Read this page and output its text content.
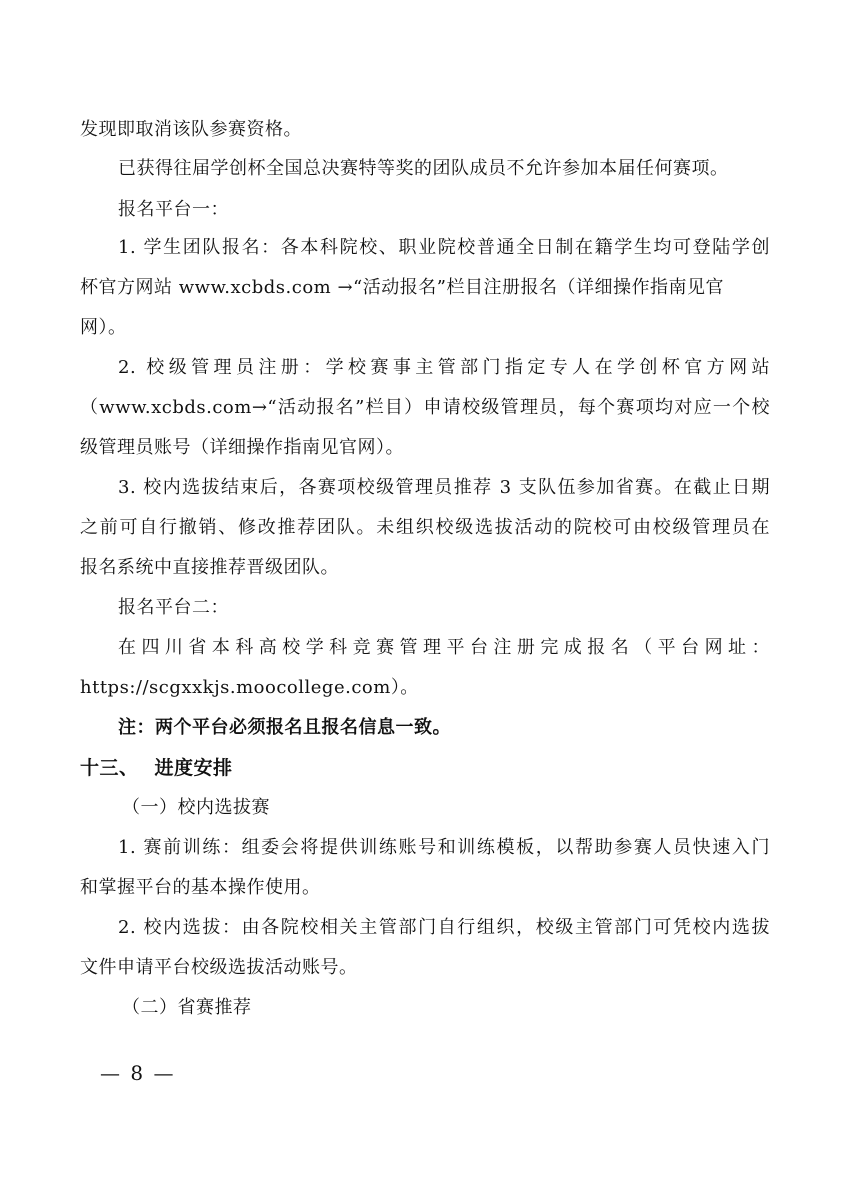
发现即取消该队参赛资格。
已获得往届学创杯全国总决赛特等奖的团队成员不允许参加本届任何赛项。
报名平台一：
1. 学生团队报名：各本科院校、职业院校普通全日制在籍学生均可登陆学创
杯官方网站 www.xcbds.com →“活动报名”栏目注册报名（详细操作指南见官
网）。
2. 校级管理员注册：学校赛事主管部门指定专人在学创杯官方网站
（www.xcbds.com→“活动报名”栏目）申请校级管理员，每个赛项均对应一个校
级管理员账号（详细操作指南见官网）。
3. 校内选拔结束后，各赛项校级管理员推荐 3 支队伍参加省赛。在截止日期
之前可自行撤销、修改推荐团队。未组织校级选拔活动的院校可由校级管理员在
报名系统中直接推荐晋级团队。
报名平台二：
在四川省本科高校学科竞赛管理平台注册完成报名（平台网址：
https://scgxxkjs.moocollege.com）。
注：两个平台必须报名且报名信息一致。
十三、 进度安排
（一）校内选拔赛
1. 赛前训练：组委会将提供训练账号和训练模板，以帮助参赛人员快速入门
和掌握平台的基本操作使用。
2. 校内选拔：由各院校相关主管部门自行组织，校级主管部门可凭校内选拔
文件申请平台校级选拔活动账号。
（二）省赛推荐
— 8 —
